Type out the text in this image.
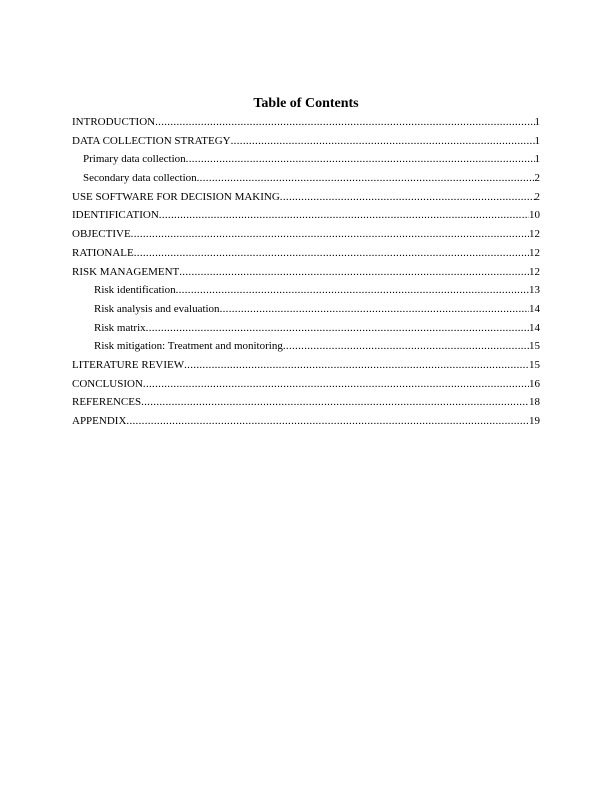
Table of Contents
INTRODUCTION .....	1
DATA COLLECTION STRATEGY .....	1
Primary data collection .....	1
Secondary data collection .....	2
USE SOFTWARE FOR DECISION MAKING .....	2
IDENTIFICATION .....	10
OBJECTIVE .....	12
RATIONALE .....	12
RISK MANAGEMENT .....	12
Risk identification .....	13
Risk analysis and evaluation .....	14
Risk matrix .....	14
Risk mitigation: Treatment and monitoring .....	15
LITERATURE REVIEW .....	15
CONCLUSION .....	16
REFERENCES .....	18
APPENDIX .....	19
